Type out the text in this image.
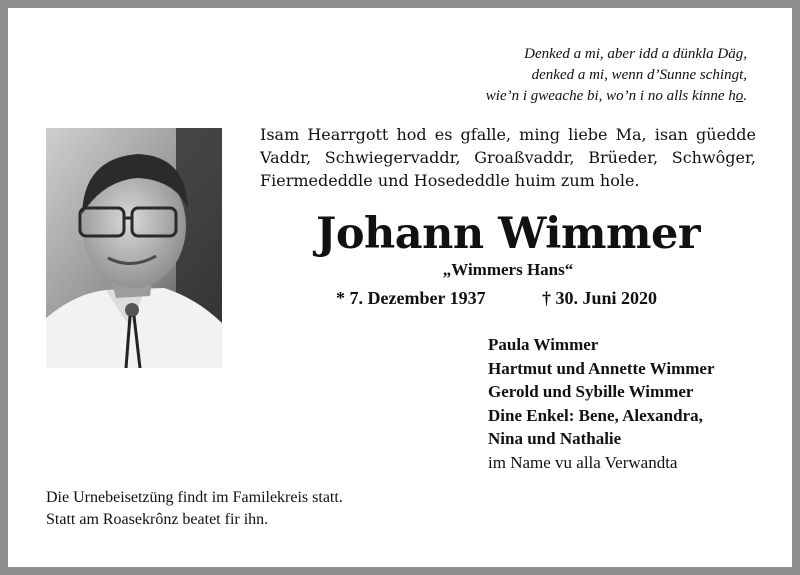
Denked a mi, aber idd a dünkla Däg,
denked a mi, wenn d’Sunne schingt,
wie’n i gweache bi, wo’n i no alls kinne ho.
Isam Hearrgott hod es gfalle, ming liebe Ma, isan güedde Vaddr, Schwiegervaddr, Groaßvaddr, Brüeder, Schwôger, Fiermededdle und Hosededdle huim zum hole.
Johann Wimmer
„Wimmers Hans“
* 7. Dezember 1937	† 30. Juni 2020
Paula Wimmer
Hartmut und Annette Wimmer
Gerold und Sybille Wimmer
Dine Enkel: Bene, Alexandra,
Nina und Nathalie
im Name vu alla Verwandta
Die Urnebeisetzüng findt im Familekreis statt.
Statt am Roasekrônz beatet fir ihn.
